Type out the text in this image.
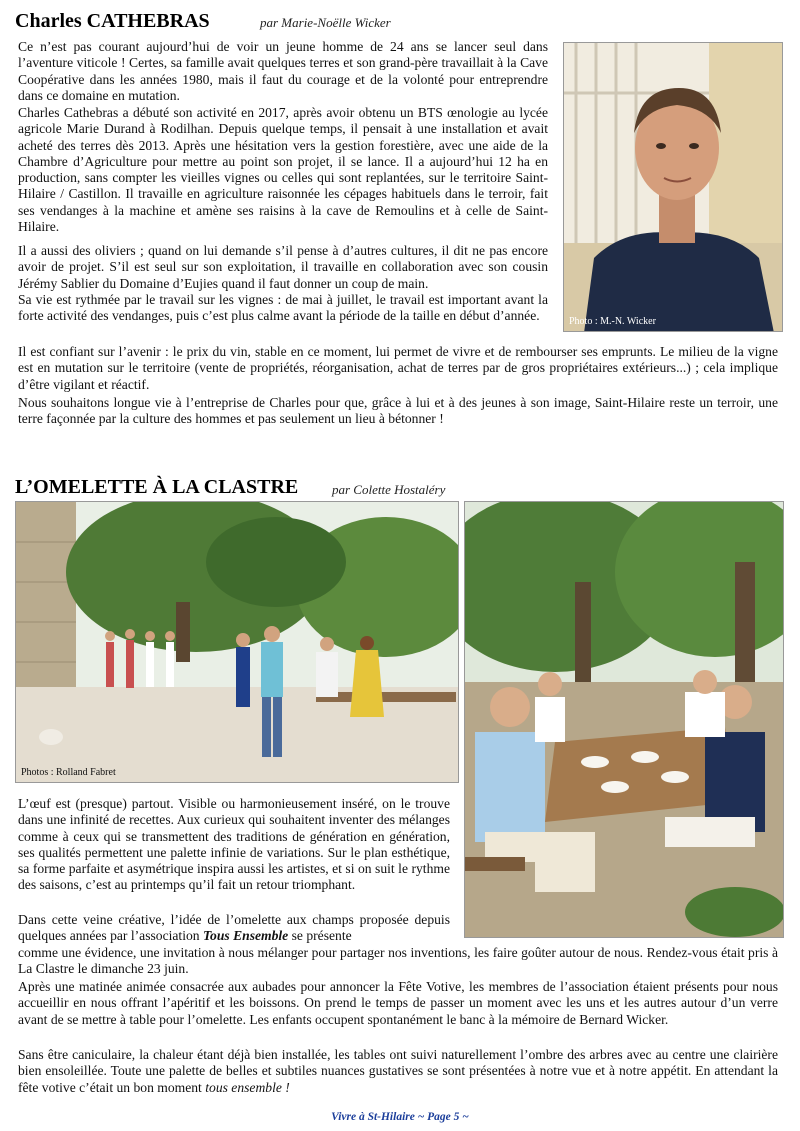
Charles CATHEBRAS	par Marie-Noëlle Wicker

Ce n’est pas courant aujourd’hui de voir un jeune homme de 24 ans se lancer seul dans l’aventure viticole ! Certes, sa famille avait quelques terres et son grand-père travaillait à la Cave Coopérative dans les années 1980, mais il faut du courage et de la volonté pour entreprendre dans ce domaine en mutation.

Charles Cathebras a débuté son activité en 2017, après avoir obtenu un BTS œnologie au lycée agricole Marie Durand à Rodilhan. Depuis quelque temps, il pensait à une installation et avait acheté des terres dès 2013. Après une hésitation vers la gestion forestière, avec une aide de la Chambre d’Agriculture pour mettre au point son projet, il se lance. Il a aujourd’hui 12 ha en production, sans compter les vieilles vignes ou celles qui sont replantées, sur le territoire Saint-Hilaire / Castillon. Il travaille en agriculture raisonnée les cépages habituels dans le terroir, fait ses vendanges à la machine et amène ses raisins à la cave de Remoulins et à celle de Saint-Hilaire.

Il a aussi des oliviers ; quand on lui demande s’il pense à d’autres cultures, il dit ne pas encore avoir de projet. S’il est seul sur son exploitation, il travaille en collaboration avec son cousin Jérémy Sablier du Domaine d’Eujies quand il faut donner un coup de main.

Sa vie est rythmée par le travail sur les vignes : de mai à juillet, le travail est important avant la forte activité des vendanges, puis c’est plus calme avant la période de la taille en début d’année.

Il est confiant sur l’avenir : le prix du vin, stable en ce moment, lui permet de vivre et de rembourser ses emprunts. Le milieu de la vigne est en mutation sur le territoire (vente de propriétés, réorganisation, achat de terres par de gros propriétaires extérieurs...) ; cela implique d’être vigilant et réactif.

Nous souhaitons longue vie à l’entreprise de Charles pour que, grâce à lui et à des jeunes à son image, Saint-Hilaire reste un terroir, une terre façonnée par la culture des hommes et pas seulement un lieu à bétonner !

Photo : M.-N. Wicker
L’OMELETTE À LA CLASTRE	par Colette Hostaléry
Photos : Rolland Fabret

L’œuf est (presque) partout. Visible ou harmonieusement inséré, on le trouve dans une infinité de recettes. Aux curieux qui souhaitent inventer des mélanges comme à ceux qui se transmettent des traditions de génération en génération, ses qualités permettent une palette infinie de variations. Sur le plan esthétique, sa forme parfaite et asymétrique inspira aussi les artistes, et si on suit le rythme des saisons, c’est au printemps qu’il fait un retour triomphant.

Dans cette veine créative, l’idée de l’omelette aux champs proposée depuis quelques années par l’association Tous Ensemble se présente

comme une évidence, une invitation à nous mélanger pour partager nos inventions, les faire goûter autour de nous. Rendez-vous était pris à La Clastre le dimanche 23 juin.

Après une matinée animée consacrée aux aubades pour annoncer la Fête Votive, les membres de l’association étaient présents pour nous accueillir en nous offrant l’apéritif et les boissons. On prend le temps de passer un moment avec les uns et les autres autour d’un verre avant de se mettre à table pour l’omelette. Les enfants occupent spontanément le banc à la mémoire de Bernard Wicker.

Sans être caniculaire, la chaleur étant déjà bien installée, les tables ont suivi naturellement l’ombre des arbres avec au centre une clairière bien ensoleillée. Toute une palette de belles et subtiles nuances gustatives se sont présentées à notre vue et à notre appétit. En attendant la fête votive c’était un bon moment tous ensemble !

Vivre à St-Hilaire ~ Page 5 ~
